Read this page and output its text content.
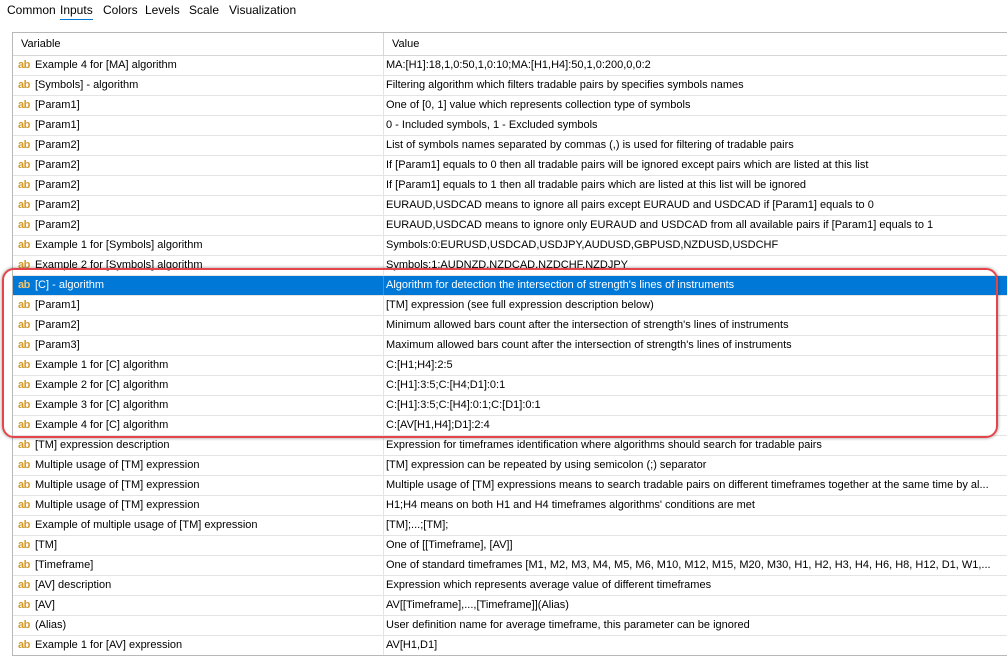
Common Inputs Colors Levels Scale Visualization
Variable	Value
ab Example 4 for [MA] algorithm	MA:[H1]:18,1,0:50,1,0:10;MA:[H1,H4]:50,1,0:200,0,0:2
ab [Symbols] - algorithm	Filtering algorithm which filters tradable pairs by specifies symbols names
ab [Param1]	One of [0, 1] value which represents collection type of symbols
ab [Param1]	0 - Included symbols, 1 - Excluded symbols
ab [Param2]	List of symbols names separated by commas (,) is used for filtering of tradable pairs
ab [Param2]	If [Param1] equals to 0 then all tradable pairs will be ignored except pairs which are listed at this list
ab [Param2]	If [Param1] equals to 1 then all tradable pairs which are listed at this list will be ignored
ab [Param2]	EURAUD,USDCAD means to ignore all pairs except EURAUD and USDCAD if [Param1] equals to 0
ab [Param2]	EURAUD,USDCAD means to ignore only EURAUD and USDCAD from all available pairs if [Param1] equals to 1
ab Example 1 for [Symbols] algorithm	Symbols:0:EURUSD,USDCAD,USDJPY,AUDUSD,GBPUSD,NZDUSD,USDCHF
ab Example 2 for [Symbols] algorithm	Symbols:1:AUDNZD,NZDCAD,NZDCHF,NZDJPY
ab [C] - algorithm	Algorithm for detection the intersection of strength's lines of instruments
ab [Param1]	[TM] expression (see full expression description below)
ab [Param2]	Minimum allowed bars count after the intersection of strength's lines of instruments
ab [Param3]	Maximum allowed bars count after the intersection of strength's lines of instruments
ab Example 1 for [C] algorithm	C:[H1;H4]:2:5
ab Example 2 for [C] algorithm	C:[H1]:3:5;C:[H4;D1]:0:1
ab Example 3 for [C] algorithm	C:[H1]:3:5;C:[H4]:0:1;C:[D1]:0:1
ab Example 4 for [C] algorithm	C:[AV[H1,H4];D1]:2:4
ab [TM] expression description	Expression for timeframes identification where algorithms should search for tradable pairs
ab Multiple usage of [TM] expression	[TM] expression can be repeated by using semicolon (;) separator
ab Multiple usage of [TM] expression	Multiple usage of [TM] expressions means to search tradable pairs on different timeframes together at the same time by al...
ab Multiple usage of [TM] expression	H1;H4 means on both H1 and H4 timeframes algorithms' conditions are met
ab Example of multiple usage of [TM] expression	[TM];...;[TM];
ab [TM]	One of [[Timeframe], [AV]]
ab [Timeframe]	One of standard timeframes [M1, M2, M3, M4, M5, M6, M10, M12, M15, M20, M30, H1, H2, H3, H4, H6, H8, H12, D1, W1,...
ab [AV] description	Expression which represents average value of different timeframes
ab [AV]	AV[[Timeframe],...,[Timeframe]](Alias)
ab (Alias)	User definition name for average timeframe, this parameter can be ignored
ab Example 1 for [AV] expression	AV[H1,D1]
